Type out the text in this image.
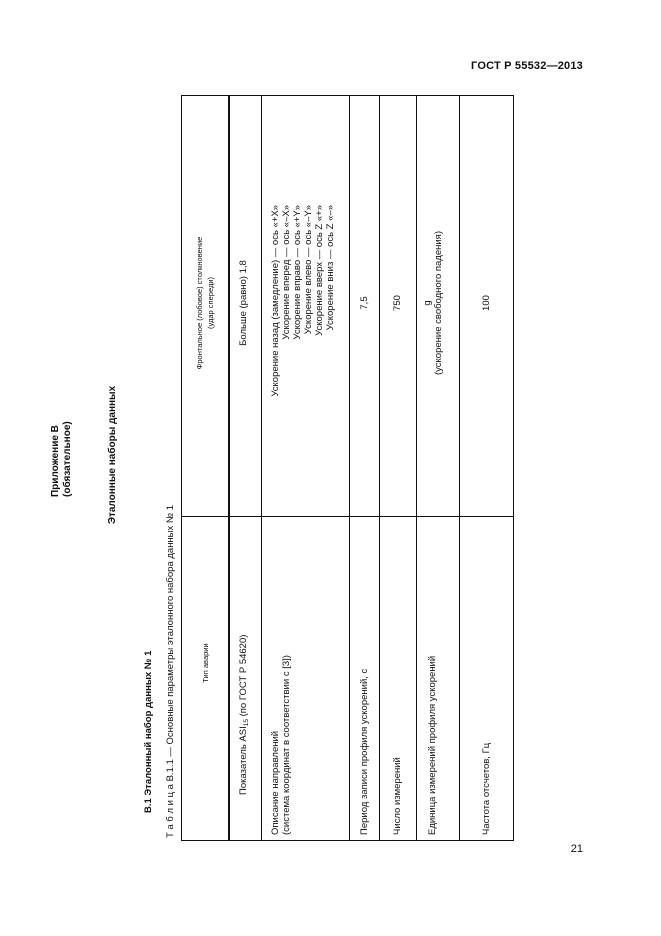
ГОСТ Р 55532—2013
Приложение В (обязательное)	Эталонные наборы данных
В.1 Эталонный набор данных № 1 Т а б л и ц а В.1.1 — Основные параметры эталонного набора данных № 1	Тип аварии
Фронтальное (лобовое) столкновение (удар спереди)
Показатель $ASI_{15}$ (по ГОСТ Р 54620)
Больше (равно) 1,8
Описание направлений (система координат в соответствии с [3])
Ускорение назад (замедление) — ось «+X» Ускорение вперед — ось «–X» Ускорение вправо — ось «+Y» Ускорение влево — ось «–Y» Ускорение вверх — ось Z «+» Ускорение вниз — ось Z «–»
Период записи профиля ускорений, с
7,5
Число измерений
750
Единица измерений профиля ускорений
g (ускорение свободного падения)
Частота отсчетов, Гц
100
21
